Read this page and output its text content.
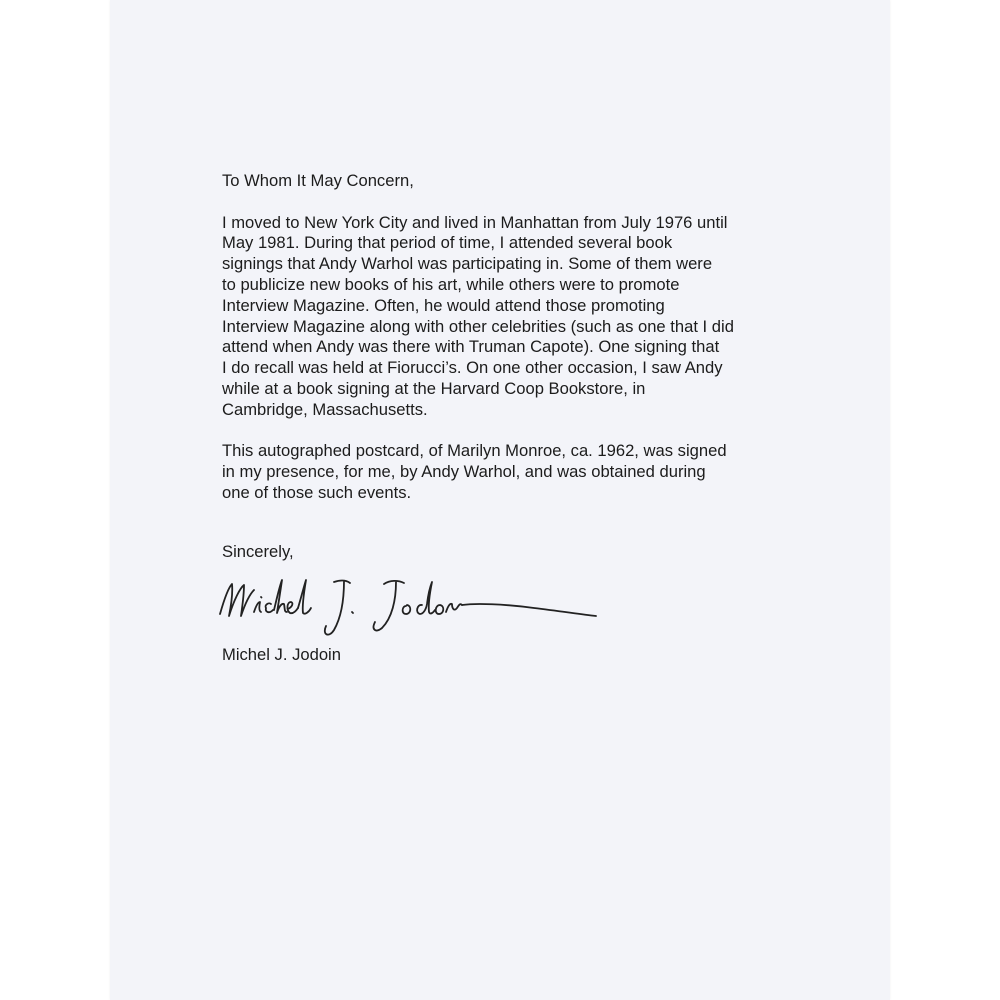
To Whom It May Concern,

I moved to New York City and lived in Manhattan from July 1976 until
May 1981. During that period of time, I attended several book
signings that Andy Warhol was participating in. Some of them were
to publicize new books of his art, while others were to promote
Interview Magazine. Often, he would attend those promoting
Interview Magazine along with other celebrities (such as one that I did
attend when Andy was there with Truman Capote). One signing that
I do recall was held at Fiorucci’s. On one other occasion, I saw Andy
while at a book signing at the Harvard Coop Bookstore, in
Cambridge, Massachusetts.
This autographed postcard, of Marilyn Monroe, ca. 1962, was signed
in my presence, for me, by Andy Warhol, and was obtained during
one of those such events.
Sincerely,
Michel J. Jodoin
